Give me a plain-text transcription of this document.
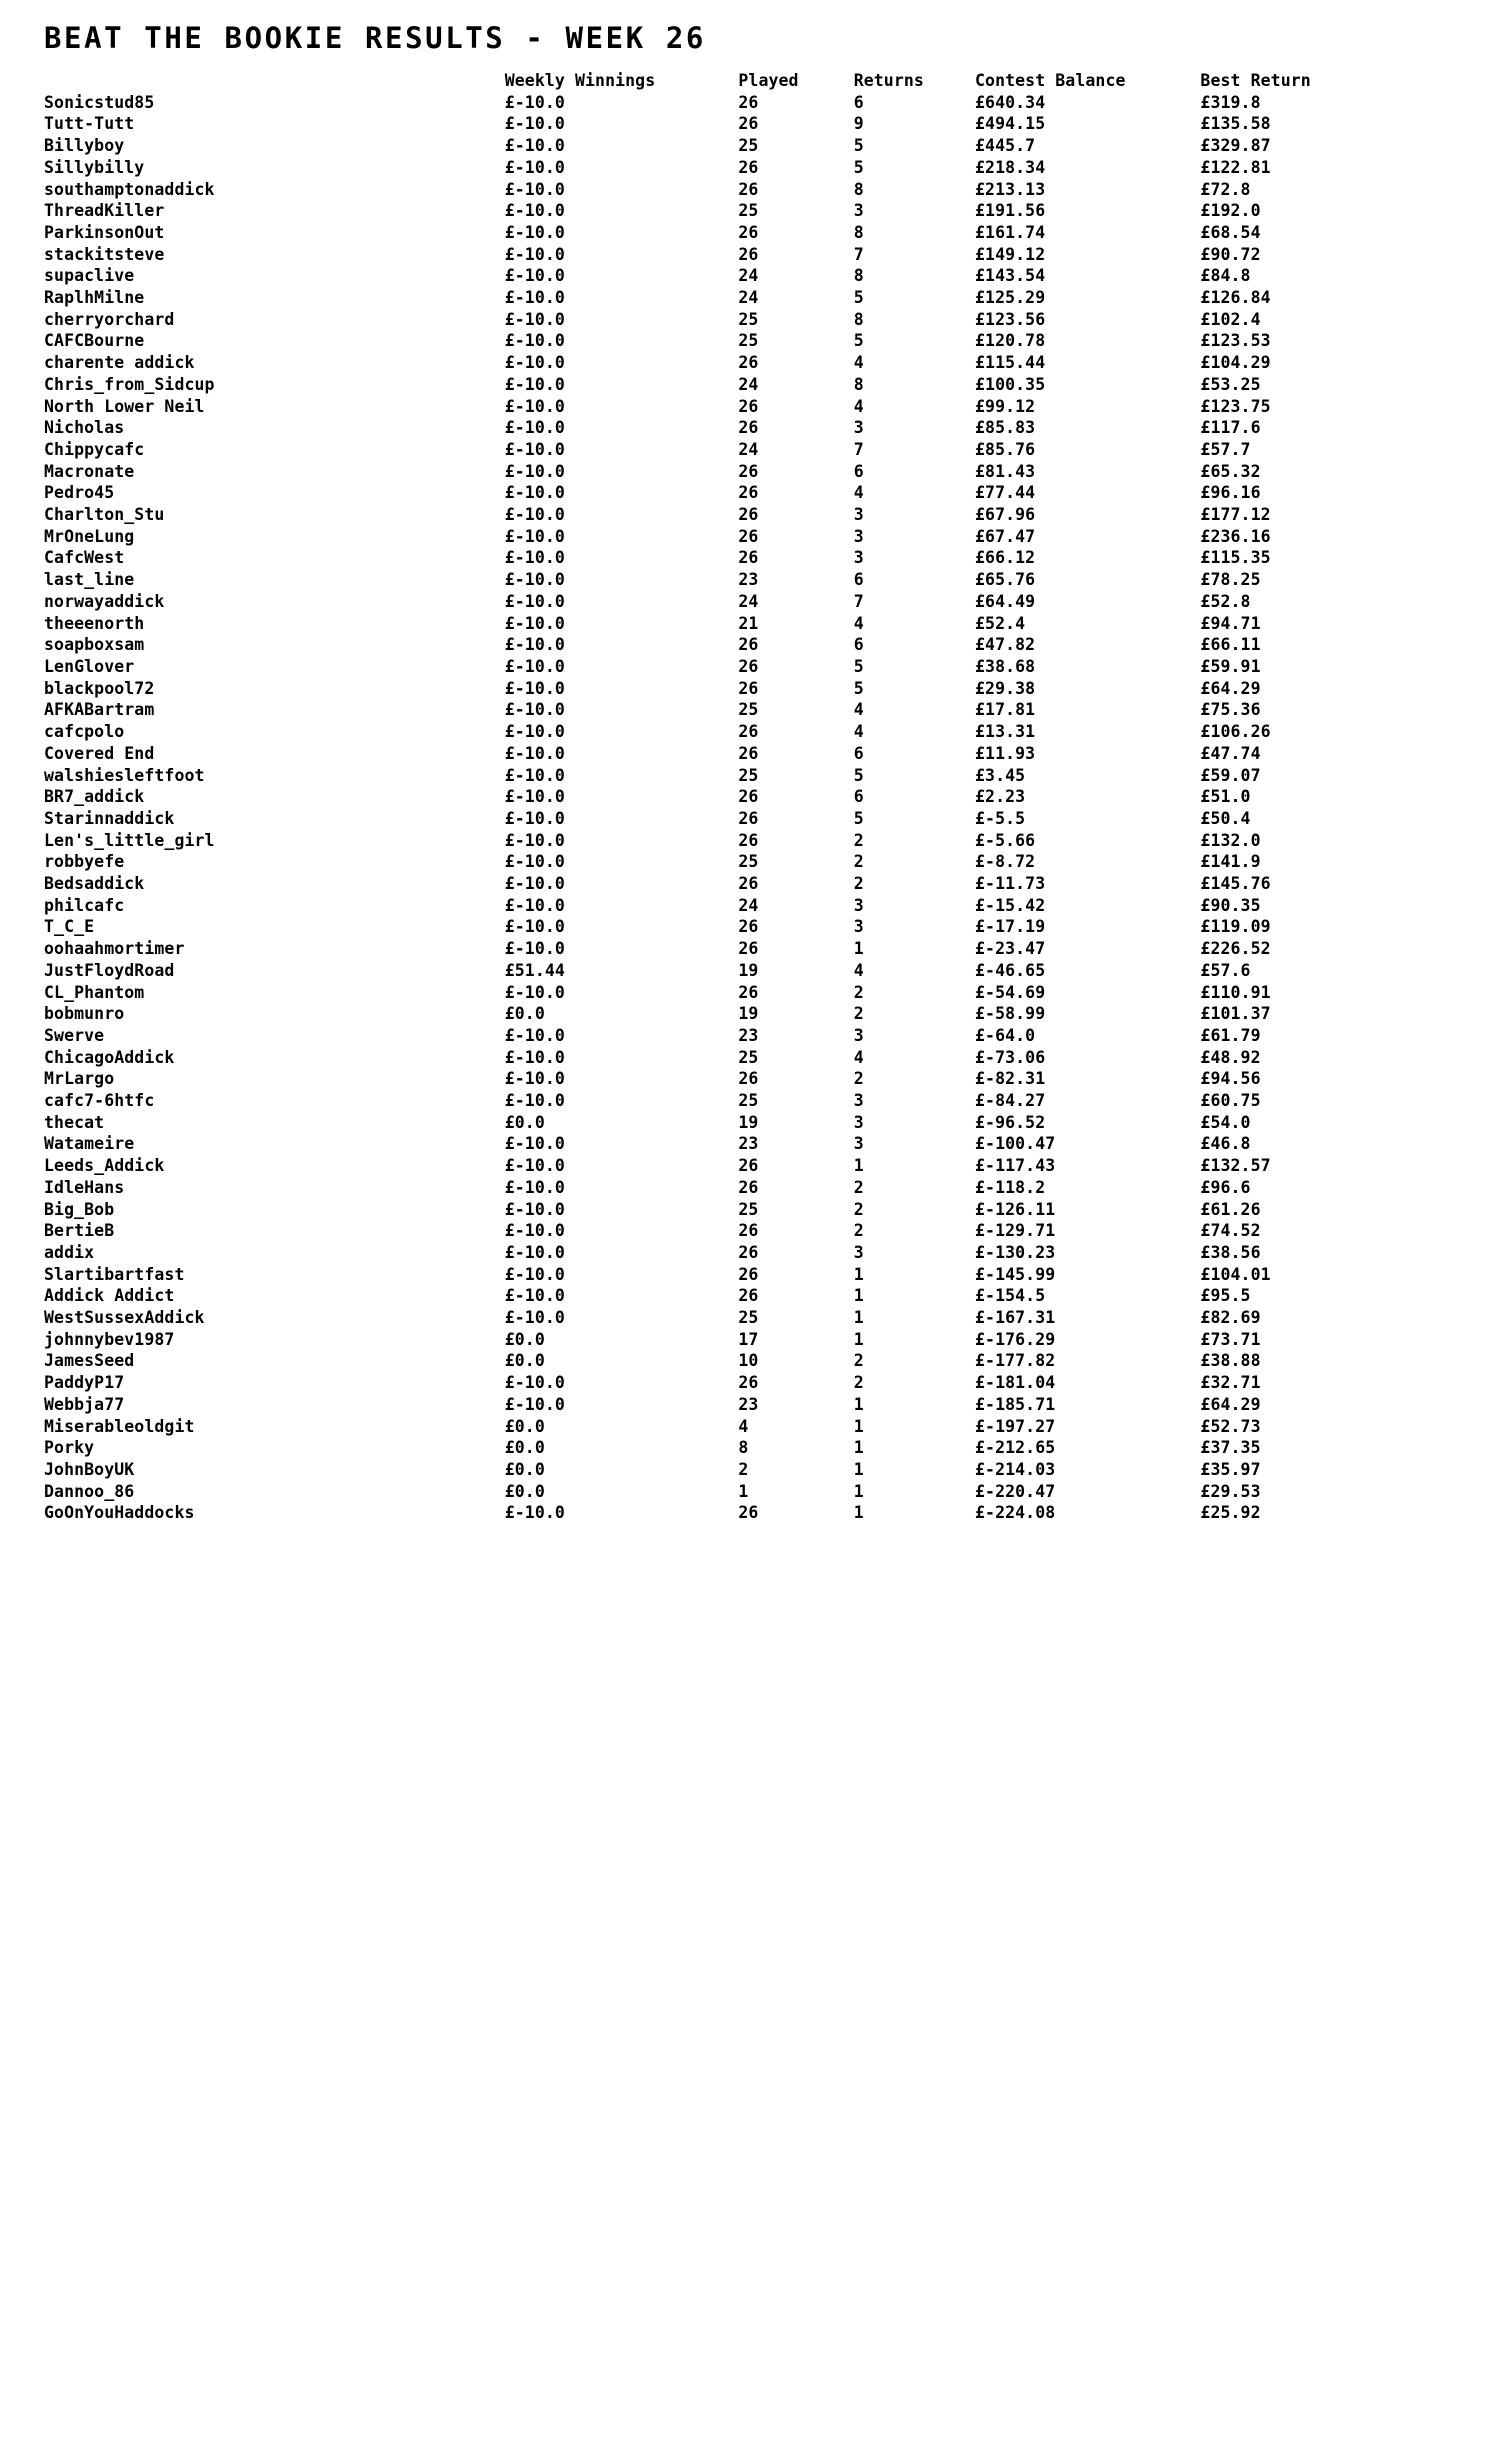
BEAT THE BOOKIE RESULTS - WEEK 26
	Weekly Winnings	Played	Returns	Contest Balance	Best Return
Sonicstud85	£-10.0	26	6	£640.34	£319.8
Tutt-Tutt	£-10.0	26	9	£494.15	£135.58
Billyboy	£-10.0	25	5	£445.7	£329.87
Sillybilly	£-10.0	26	5	£218.34	£122.81
southamptonaddick	£-10.0	26	8	£213.13	£72.8
ThreadKiller	£-10.0	25	3	£191.56	£192.0
ParkinsonOut	£-10.0	26	8	£161.74	£68.54
stackitsteve	£-10.0	26	7	£149.12	£90.72
supaclive	£-10.0	24	8	£143.54	£84.8
RaplhMilne	£-10.0	24	5	£125.29	£126.84
cherryorchard	£-10.0	25	8	£123.56	£102.4
CAFCBourne	£-10.0	25	5	£120.78	£123.53
charente addick	£-10.0	26	4	£115.44	£104.29
Chris_from_Sidcup	£-10.0	24	8	£100.35	£53.25
North Lower Neil	£-10.0	26	4	£99.12	£123.75
Nicholas	£-10.0	26	3	£85.83	£117.6
Chippycafc	£-10.0	24	7	£85.76	£57.7
Macronate	£-10.0	26	6	£81.43	£65.32
Pedro45	£-10.0	26	4	£77.44	£96.16
Charlton_Stu	£-10.0	26	3	£67.96	£177.12
MrOneLung	£-10.0	26	3	£67.47	£236.16
CafcWest	£-10.0	26	3	£66.12	£115.35
last_line	£-10.0	23	6	£65.76	£78.25
norwayaddick	£-10.0	24	7	£64.49	£52.8
theeenorth	£-10.0	21	4	£52.4	£94.71
soapboxsam	£-10.0	26	6	£47.82	£66.11
LenGlover	£-10.0	26	5	£38.68	£59.91
blackpool72	£-10.0	26	5	£29.38	£64.29
AFKABartram	£-10.0	25	4	£17.81	£75.36
cafcpolo	£-10.0	26	4	£13.31	£106.26
Covered End	£-10.0	26	6	£11.93	£47.74
walshiesleftfoot	£-10.0	25	5	£3.45	£59.07
BR7_addick	£-10.0	26	6	£2.23	£51.0
Starinnaddick	£-10.0	26	5	£-5.5	£50.4
Len's_little_girl	£-10.0	26	2	£-5.66	£132.0
robbyefe	£-10.0	25	2	£-8.72	£141.9
Bedsaddick	£-10.0	26	2	£-11.73	£145.76
philcafc	£-10.0	24	3	£-15.42	£90.35
T_C_E	£-10.0	26	3	£-17.19	£119.09
oohaahmortimer	£-10.0	26	1	£-23.47	£226.52
JustFloydRoad	£51.44	19	4	£-46.65	£57.6
CL_Phantom	£-10.0	26	2	£-54.69	£110.91
bobmunro	£0.0	19	2	£-58.99	£101.37
Swerve	£-10.0	23	3	£-64.0	£61.79
ChicagoAddick	£-10.0	25	4	£-73.06	£48.92
MrLargo	£-10.0	26	2	£-82.31	£94.56
cafc7-6htfc	£-10.0	25	3	£-84.27	£60.75
thecat	£0.0	19	3	£-96.52	£54.0
Watameire	£-10.0	23	3	£-100.47	£46.8
Leeds_Addick	£-10.0	26	1	£-117.43	£132.57
IdleHans	£-10.0	26	2	£-118.2	£96.6
Big_Bob	£-10.0	25	2	£-126.11	£61.26
BertieB	£-10.0	26	2	£-129.71	£74.52
addix	£-10.0	26	3	£-130.23	£38.56
Slartibartfast	£-10.0	26	1	£-145.99	£104.01
Addick Addict	£-10.0	26	1	£-154.5	£95.5
WestSussexAddick	£-10.0	25	1	£-167.31	£82.69
johnnybev1987	£0.0	17	1	£-176.29	£73.71
JamesSeed	£0.0	10	2	£-177.82	£38.88
PaddyP17	£-10.0	26	2	£-181.04	£32.71
Webbja77	£-10.0	23	1	£-185.71	£64.29
Miserableoldgit	£0.0	4	1	£-197.27	£52.73
Porky	£0.0	8	1	£-212.65	£37.35
JohnBoyUK	£0.0	2	1	£-214.03	£35.97
Dannoo_86	£0.0	1	1	£-220.47	£29.53
GoOnYouHaddocks	£-10.0	26	1	£-224.08	£25.92
